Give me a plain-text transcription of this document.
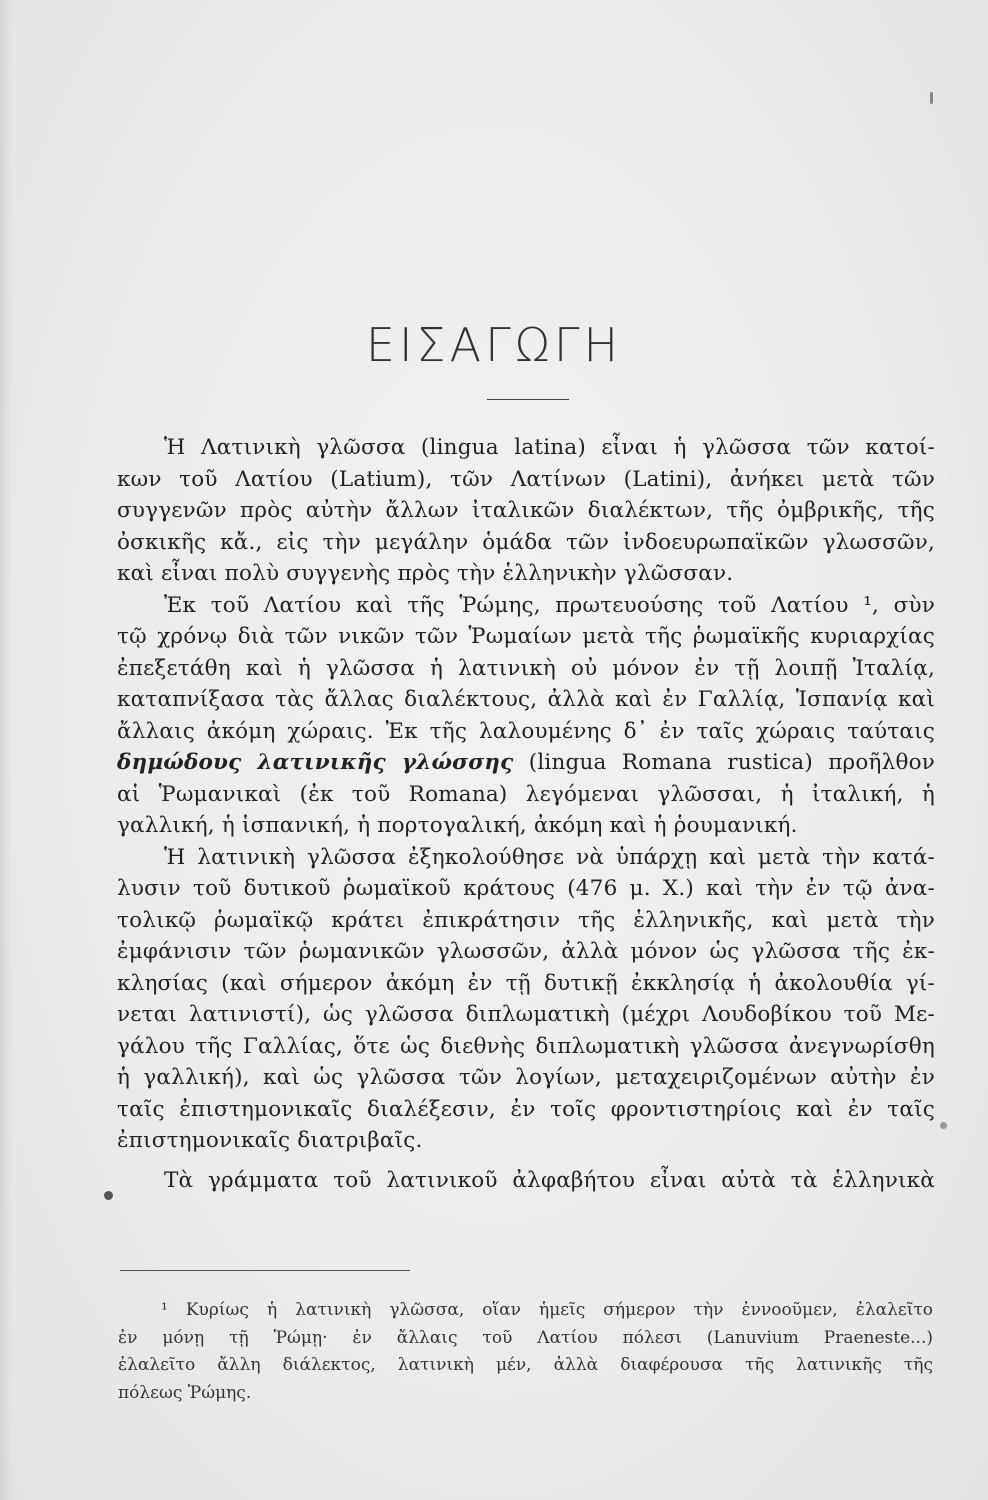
ΕΙΣΑΓΩΓΗ
Ἡ Λατινικὴ γλῶσσα (lingua latina) εἶναι ἡ γλῶσσα τῶν κατοί-
κων τοῦ Λατίου (Latium), τῶν Λατίνων (Latini), ἀνήκει μετὰ τῶν
συγγενῶν πρὸς αὐτὴν ἄλλων ἰταλικῶν διαλέκτων, τῆς ὀμβρικῆς, τῆς
ὀσκικῆς κἄ., εἰς τὴν μεγάλην ὁμάδα τῶν ἰνδοευρωπαϊκῶν γλωσσῶν,
καὶ εἶναι πολὺ συγγενὴς πρὸς τὴν ἑλληνικὴν γλῶσσαν.
Ἐκ τοῦ Λατίου καὶ τῆς Ῥώμης, πρωτευούσης τοῦ Λατίου ¹, σὺν
τῷ χρόνῳ διὰ τῶν νικῶν τῶν Ῥωμαίων μετὰ τῆς ῥωμαϊκῆς κυριαρχίας
ἐπεξετάθη καὶ ἡ γλῶσσα ἡ λατινικὴ οὐ μόνον ἐν τῇ λοιπῇ Ἰταλίᾳ,
καταπνίξασα τὰς ἄλλας διαλέκτους, ἀλλὰ καὶ ἐν Γαλλίᾳ, Ἱσπανίᾳ καὶ
ἄλλαις ἀκόμη χώραις. Ἐκ τῆς λαλουμένης δ᾽ ἐν ταῖς χώραις ταύταις
δημώδους λατινικῆς γλώσσης (lingua Romana rustica) προῆλθον
αἱ Ῥωμανικαὶ (ἐκ τοῦ Romana) λεγόμεναι γλῶσσαι, ἡ ἰταλική, ἡ
γαλλική, ἡ ἱσπανική, ἡ πορτογαλική, ἀκόμη καὶ ἡ ῥουμανική.
Ἡ λατινικὴ γλῶσσα ἐξηκολούθησε νὰ ὑπάρχῃ καὶ μετὰ τὴν κατά-
λυσιν τοῦ δυτικοῦ ῥωμαϊκοῦ κράτους (476 μ. Χ.) καὶ τὴν ἐν τῷ ἀνα-
τολικῷ ῥωμαϊκῷ κράτει ἐπικράτησιν τῆς ἑλληνικῆς, καὶ μετὰ τὴν
ἐμφάνισιν τῶν ῥωμανικῶν γλωσσῶν, ἀλλὰ μόνον ὡς γλῶσσα τῆς ἐκ-
κλησίας (καὶ σήμερον ἀκόμη ἐν τῇ δυτικῇ ἐκκλησίᾳ ἡ ἀκολουθία γί-
νεται λατινιστί), ὡς γλῶσσα διπλωματικὴ (μέχρι Λουδοβίκου τοῦ Με-
γάλου τῆς Γαλλίας, ὅτε ὡς διεθνὴς διπλωματικὴ γλῶσσα ἀνεγνωρίσθη
ἡ γαλλική), καὶ ὡς γλῶσσα τῶν λογίων, μεταχειριζομένων αὐτὴν ἐν
ταῖς ἐπιστημονικαῖς διαλέξεσιν, ἐν τοῖς φροντιστηρίοις καὶ ἐν ταῖς
ἐπιστημονικαῖς διατριβαῖς.
Τὰ γράμματα τοῦ λατινικοῦ ἀλφαβήτου εἶναι αὐτὰ τὰ ἑλληνικὰ
¹ Κυρίως ἡ λατινικὴ γλῶσσα, οἵαν ἡμεῖς σήμερον τὴν ἐννοοῦμεν, ἐλαλεῖτο
ἐν μόνῃ τῇ Ῥώμῃ· ἐν ἄλλαις τοῦ Λατίου πόλεσι (Lanuvium Praeneste...)
ἐλαλεῖτο ἄλλη διάλεκτος, λατινικὴ μέν, ἀλλὰ διαφέρουσα τῆς λατινικῆς τῆς
πόλεως Ῥώμης.
